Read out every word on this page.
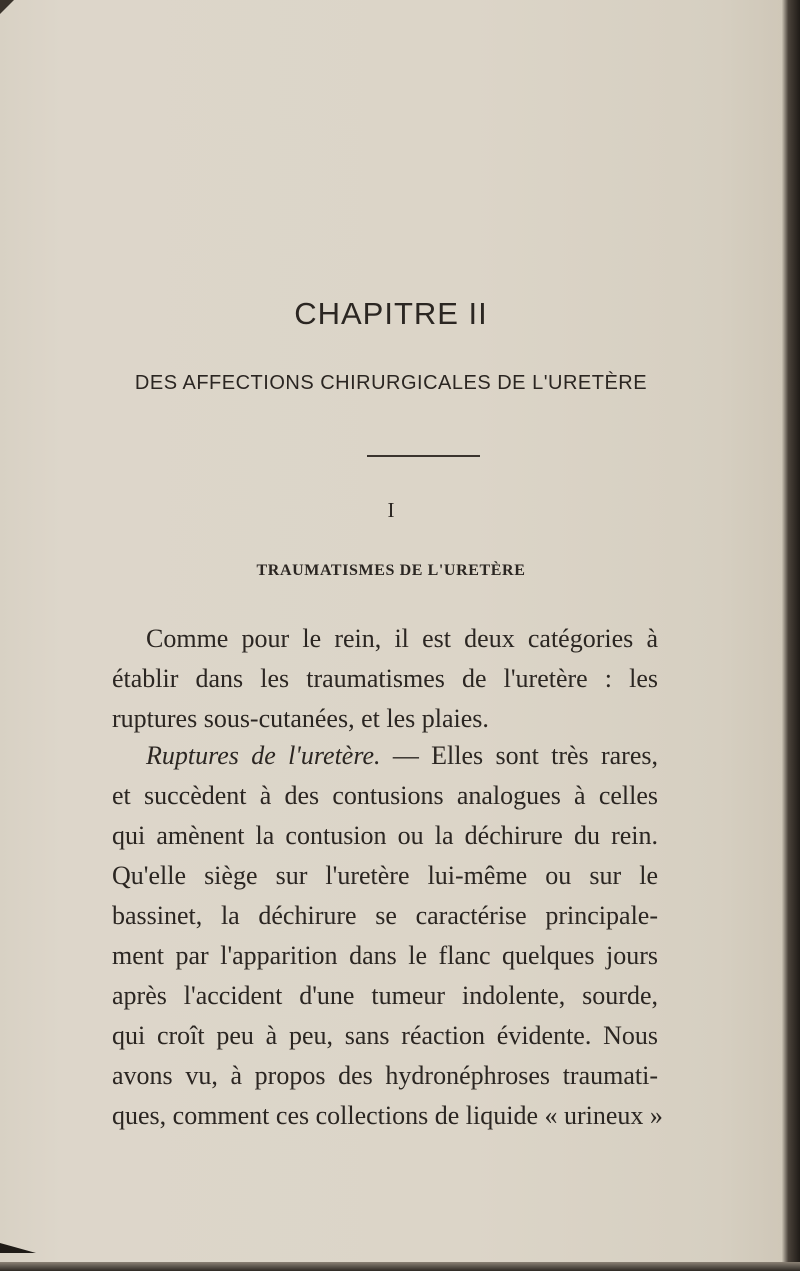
CHAPITRE II
DES AFFECTIONS CHIRURGICALES DE L'URETÈRE
I
TRAUMATISMES DE L'URETÈRE
Comme pour le rein, il est deux catégories à
établir dans les traumatismes de l'uretère : les
ruptures sous-cutanées, et les plaies.
Ruptures de l'uretère. — Elles sont très rares,
et succèdent à des contusions analogues à celles
qui amènent la contusion ou la déchirure du rein.
Qu'elle siège sur l'uretère lui-même ou sur le
bassinet, la déchirure se caractérise principale-
ment par l'apparition dans le flanc quelques jours
après l'accident d'une tumeur indolente, sourde,
qui croît peu à peu, sans réaction évidente. Nous
avons vu, à propos des hydronéphroses traumati-
ques, comment ces collections de liquide « urineux »
